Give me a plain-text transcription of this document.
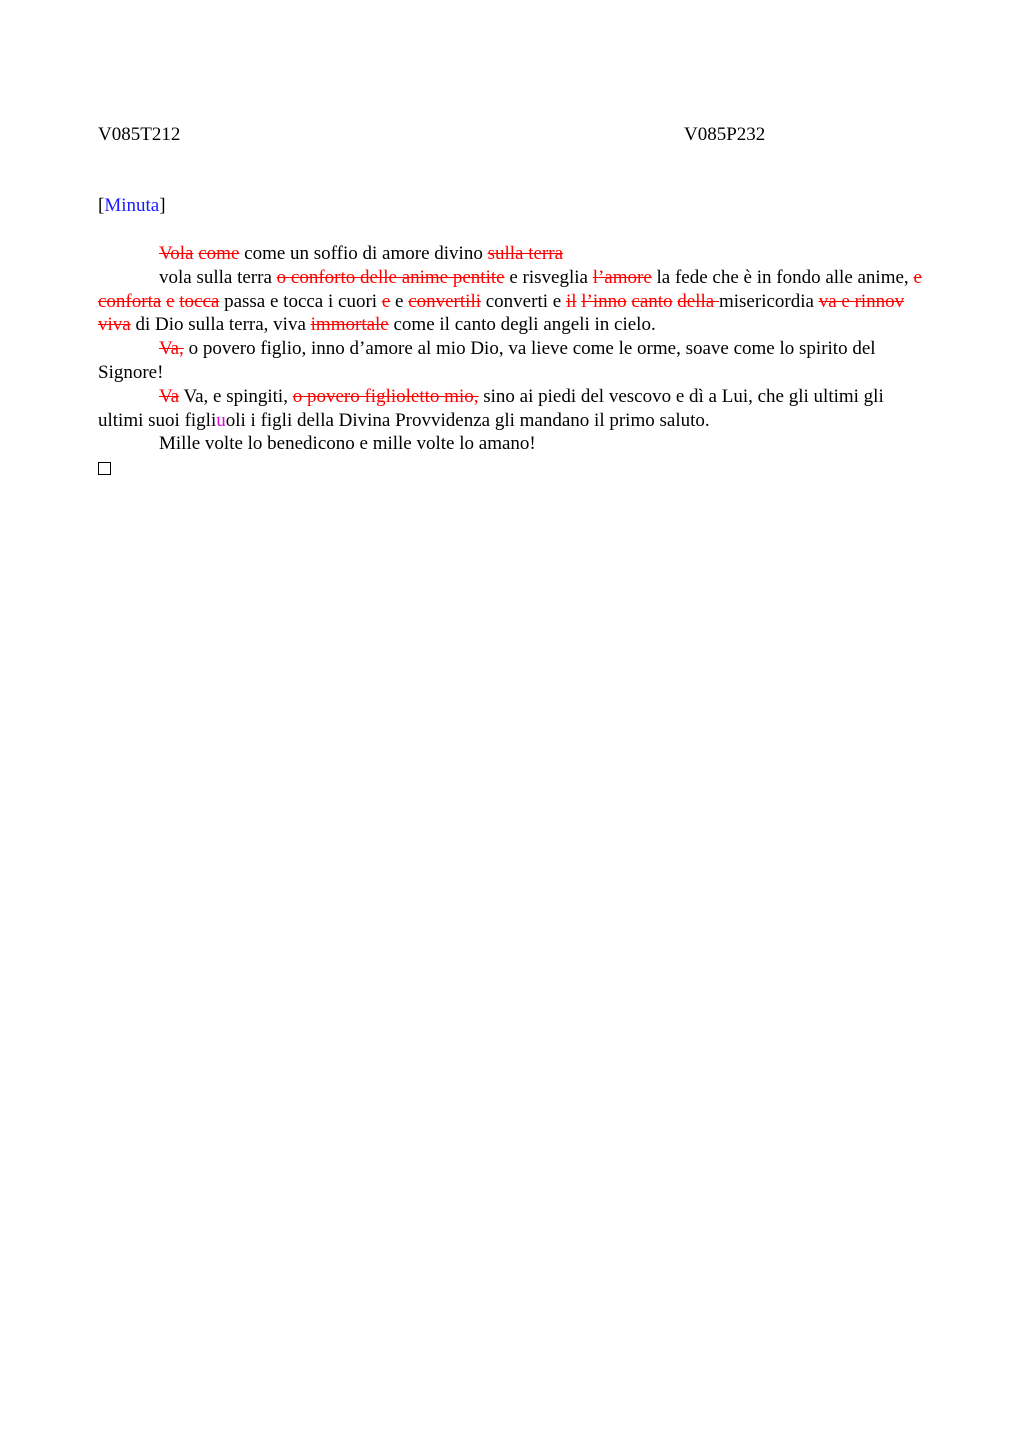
V085T212	V085P232
[Minuta]

Vola come come un soffio di amore divino sulla terra

vola sulla terra o conforto delle anime pentite e risveglia l’amore la fede che è in fondo alle anime, e conforta e tocca passa e tocca i cuori e e convertili converti e il l’inno canto della misericordia va e rinnov viva di Dio sulla terra, viva immortale come il canto degli angeli in cielo.

Va, o povero figlio, inno d’amore al mio Dio, va lieve come le orme, soave come lo spirito del Signore!

Va Va, e spingiti, o povero figlioletto mio, sino ai piedi del vescovo e dì a Lui, che gli ultimi gli ultimi suoi figliuoli i figli della Divina Provvidenza gli mandano il primo saluto.

Mille volte lo benedicono e mille volte lo amano!
